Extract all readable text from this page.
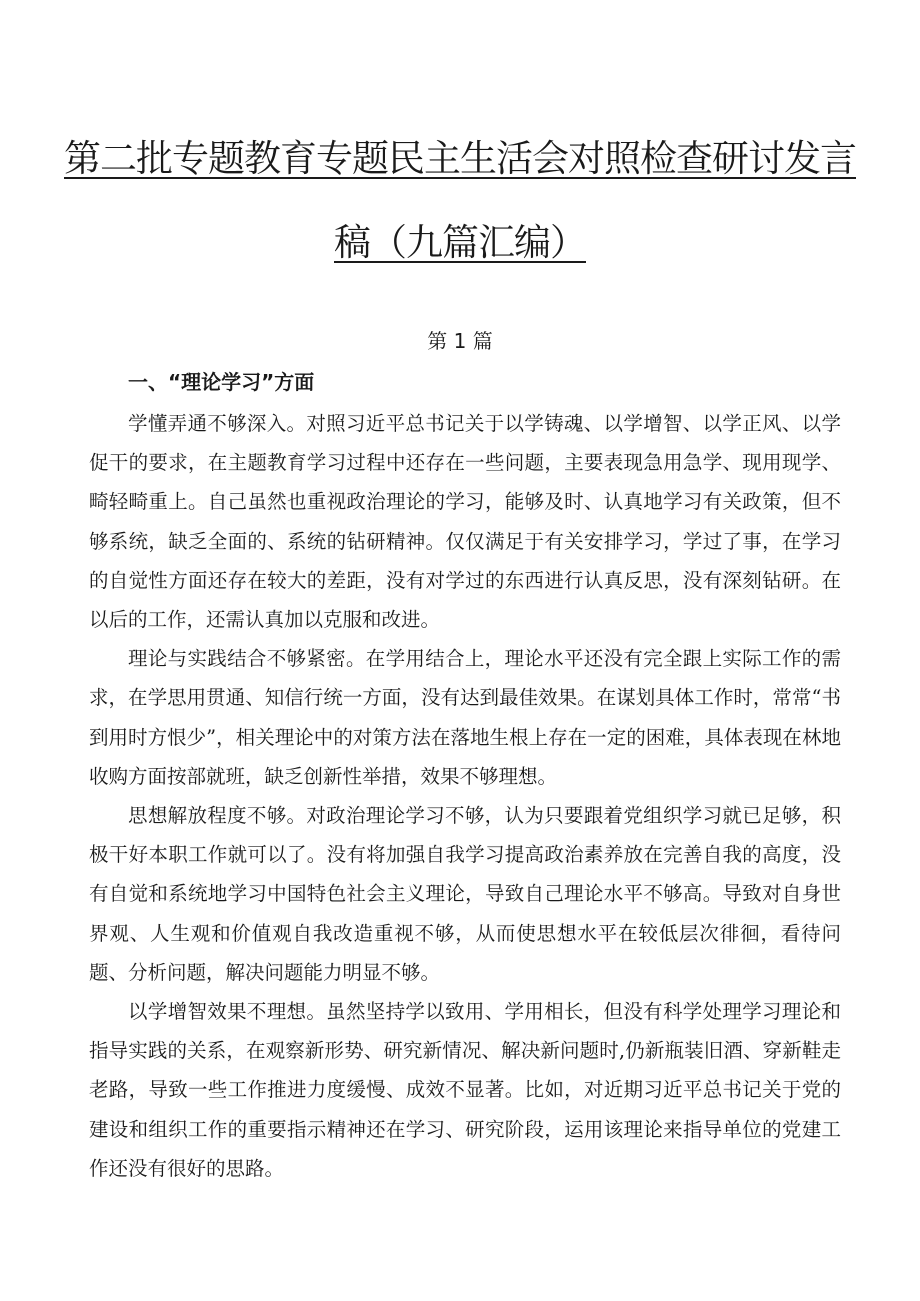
第二批专题教育专题民主生活会对照检查研讨发言
稿（九篇汇编）
第 1 篇
一、“理论学习”方面

学懂弄通不够深入。对照习近平总书记关于以学铸魂、以学增智、以学正风、以学促干的要求，在主题教育学习过程中还存在一些问题，主要表现急用急学、现用现学、畸轻畸重上。自己虽然也重视政治理论的学习，能够及时、认真地学习有关政策，但不够系统，缺乏全面的、系统的钻研精神。仅仅满足于有关安排学习，学过了事，在学习的自觉性方面还存在较大的差距，没有对学过的东西进行认真反思，没有深刻钻研。在以后的工作，还需认真加以克服和改进。

理论与实践结合不够紧密。在学用结合上，理论水平还没有完全跟上实际工作的需求，在学思用贯通、知信行统一方面，没有达到最佳效果。在谋划具体工作时，常常“书到用时方恨少”，相关理论中的对策方法在落地生根上存在一定的困难，具体表现在林地收购方面按部就班，缺乏创新性举措，效果不够理想。

思想解放程度不够。对政治理论学习不够，认为只要跟着党组织学习就已足够，积极干好本职工作就可以了。没有将加强自我学习提高政治素养放在完善自我的高度，没有自觉和系统地学习中国特色社会主义理论，导致自己理论水平不够高。导致对自身世界观、人生观和价值观自我改造重视不够，从而使思想水平在较低层次徘徊，看待问题、分析问题，解决问题能力明显不够。

以学增智效果不理想。虽然坚持学以致用、学用相长，但没有科学处理学习理论和指导实践的关系，在观察新形势、研究新情况、解决新问题时,仍新瓶装旧酒、穿新鞋走老路，导致一些工作推进力度缓慢、成效不显著。比如，对近期习近平总书记关于党的建设和组织工作的重要指示精神还在学习、研究阶段，运用该理论来指导单位的党建工作还没有很好的思路。
